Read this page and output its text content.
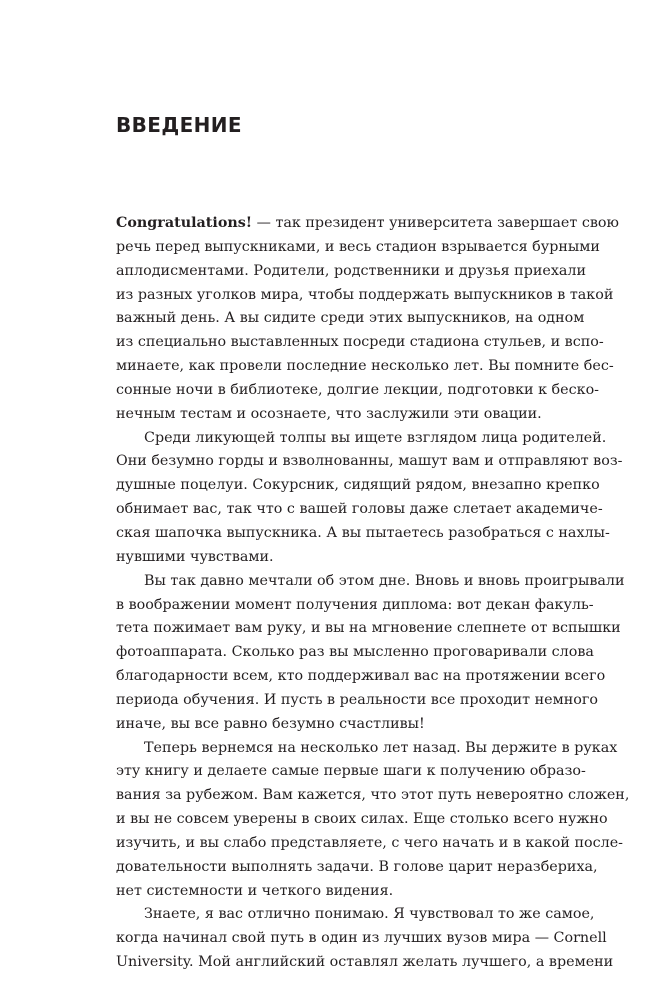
ВВЕДЕНИЕ
Congratulations! — так президент университета завершает свою
речь перед выпускниками, и весь стадион взрывается бурными
аплодисментами. Родители, родственники и друзья приехали
из разных уголков мира, чтобы поддержать выпускников в такой
важный день. А вы сидите среди этих выпускников, на одном
из специально выставленных посреди стадиона стульев, и вспо-
минаете, как провели последние несколько лет. Вы помните бес-
сонные ночи в библиотеке, долгие лекции, подготовки к беско-
нечным тестам и осознаете, что заслужили эти овации.
Среди ликующей толпы вы ищете взглядом лица родителей.
Они безумно горды и взволнованны, машут вам и отправляют воз-
душные поцелуи. Сокурсник, сидящий рядом, внезапно крепко
обнимает вас, так что с вашей головы даже слетает академиче-
ская шапочка выпускника. А вы пытаетесь разобраться с нахлы-
нувшими чувствами.
Вы так давно мечтали об этом дне. Вновь и вновь проигрывали
в воображении момент получения диплома: вот декан факуль-
тета пожимает вам руку, и вы на мгновение слепнете от вспышки
фотоаппарата. Сколько раз вы мысленно проговаривали слова
благодарности всем, кто поддерживал вас на протяжении всего
периода обучения. И пусть в реальности все проходит немного
иначе, вы все равно безумно счастливы!
Теперь вернемся на несколько лет назад. Вы держите в руках
эту книгу и делаете самые первые шаги к получению образо-
вания за рубежом. Вам кажется, что этот путь невероятно сложен,
и вы не совсем уверены в своих силах. Еще столько всего нужно
изучить, и вы слабо представляете, с чего начать и в какой после-
довательности выполнять задачи. В голове царит неразбериха,
нет системности и четкого видения.
Знаете, я вас отлично понимаю. Я чувствовал то же самое,
когда начинал свой путь в один из лучших вузов мира — Cornell
University. Мой английский оставлял желать лучшего, а времени
